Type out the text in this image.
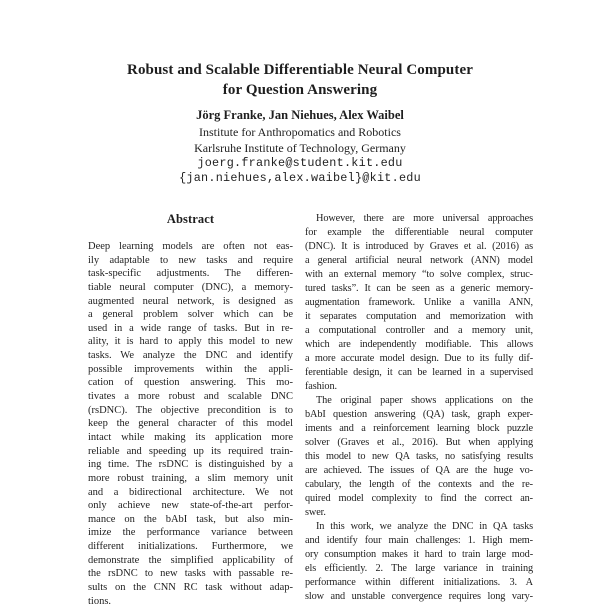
Robust and Scalable Differentiable Neural Computer
for Question Answering
Jörg Franke, Jan Niehues, Alex Waibel
Institute for Anthropomatics and Robotics
Karlsruhe Institute of Technology, Germany
joerg.franke@student.kit.edu
{jan.niehues,alex.waibel}@kit.edu
Abstract
Deep learning models are often not eas-
ily adaptable to new tasks and require
task-specific adjustments. The differen-
tiable neural computer (DNC), a memory-
augmented neural network, is designed as
a general problem solver which can be
used in a wide range of tasks. But in re-
ality, it is hard to apply this model to new
tasks. We analyze the DNC and identify
possible improvements within the appli-
cation of question answering. This mo-
tivates a more robust and scalable DNC
(rsDNC). The objective precondition is to
keep the general character of this model
intact while making its application more
reliable and speeding up its required train-
ing time. The rsDNC is distinguished by a
more robust training, a slim memory unit
and a bidirectional architecture. We not
only achieve new state-of-the-art perfor-
mance on the bAbI task, but also min-
imize the performance variance between
different initializations. Furthermore, we
demonstrate the simplified applicability of
the rsDNC to new tasks with passable re-
sults on the CNN RC task without adap-
tions.
However, there are more universal approaches
for example the differentiable neural computer
(DNC). It is introduced by Graves et al. (2016) as
a general artificial neural network (ANN) model
with an external memory “to solve complex, struc-
tured tasks”. It can be seen as a generic memory-
augmentation framework. Unlike a vanilla ANN,
it separates computation and memorization with
a computational controller and a memory unit,
which are independently modifiable. This allows
a more accurate model design. Due to its fully dif-
ferentiable design, it can be learned in a supervised
fashion.
The original paper shows applications on the
bAbI question answering (QA) task, graph exper-
iments and a reinforcement learning block puzzle
solver (Graves et al., 2016). But when applying
this model to new QA tasks, no satisfying results
are achieved. The issues of QA are the huge vo-
cabulary, the length of the contexts and the re-
quired model complexity to find the correct an-
swer.
In this work, we analyze the DNC in QA tasks
and identify four main challenges: 1. High mem-
ory consumption makes it hard to train large mod-
els efficiently. 2. The large variance in training
performance within different initializations. 3. A
slow and unstable convergence requires long vary-
